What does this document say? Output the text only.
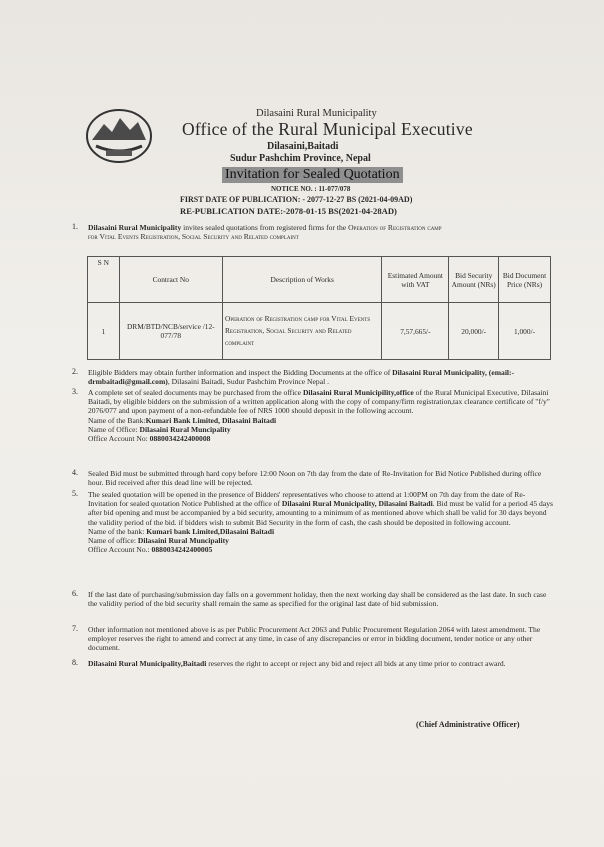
Dilasaini Rural Municipality
Office of the Rural Municipal Executive
Dilasaini,Baitadi
Sudur Pashchim Province, Nepal
Invitation for Sealed Quotation
NOTICE NO. : 11-077/078
FIRST DATE OF PUBLICATION: - 2077-12-27 BS (2021-04-09AD)
RE-PUBLICATION DATE:-2078-01-15 BS(2021-04-28AD)
1. Dilasaini Rural Municipality invites sealed quotations from registered firms for the Operation of Registration camp
for Vital Events Registration, Social Security and Related complaint
S N	Contract No	Description of Works	Estimated Amount with VAT	Bid Security Amount (NRs)	Bid Document Price (NRs)
1	DRM/BTD/NCB/service /12-077/78	Operation of Registration camp for Vital Events Registration, Social Security and Related complaint	7,57,665/-	20,000/-	1,000/-
2. Eligible Bidders may obtain further information and inspect the Bidding Documents at the office of Dilasaini Rural Municipality, (email:-drmbaitadi@gmail.com), Dilasaini Baitadi, Sudur Pashchim Province Nepal .
3. A complete set of sealed documents may be purchased from the office Dilasaini Rural Municipility,office of the Rural Municipal Executive, Dilasaini Baitadi, by eligible bidders on the submission of a written application along with the copy of company/firm registration,tax clearance certificate of "f/y" 2076/077 and upon payment of a non-refundable fee of NRS 1000 should deposit in the following account.
Name of the Bank:Kumari Bank Limited, Dilasaini Baitadi
Name of Office: Dilasaini Rural Muncipality
Office Account No: 0880034242400008
4. Sealed Bid must be submitted through hard copy before 12:00 Noon on 7th day from the date of Re-Invitation for Bid Notice Published during office hour. Bid received after this dead line will be rejected.
5. The sealed quotation will be opened in the presence of Bidders' representatives who choose to attend at 1:00PM on 7th day from the date of Re-Invitation for sealed quotation Notice Published at the office of Dilasaini Rural Municipality, Dilasaini Baitadi. Bid must be valid for a period 45 days after bid opening and must be accompanied by a bid security, amounting to a minimum of as mentioned above which shall be valid for 30 days beyond the validity period of the bid. if bidders wish to submit Bid Security in the form of cash, the cash should be deposited in following account.
Name of the bank: Kumari bank Limited,Dilasaini Baitadi
Name of office: Dilasaini Rural Muncipality
Office Account No.: 0880034242400005
6. If the last date of purchasing/submission day falls on a government holiday, then the next working day shall be considered as the last date. In such case the validity period of the bid security shall remain the same as specified for the original last date of bid submission.
7. Other information not mentioned above is as per Public Procurement Act 2063 and Public Procurement Regulation 2064 with latest amendment. The employer reserves the right to amend and correct at any time, in case of any discrepancies or error in bidding document, tender notice or any other document.
8. Dilasaini Rural Municipality,Baitadi reserves the right to accept or reject any bid and reject all bids at any time prior to contract award.
(Chief Administrative Officer)
